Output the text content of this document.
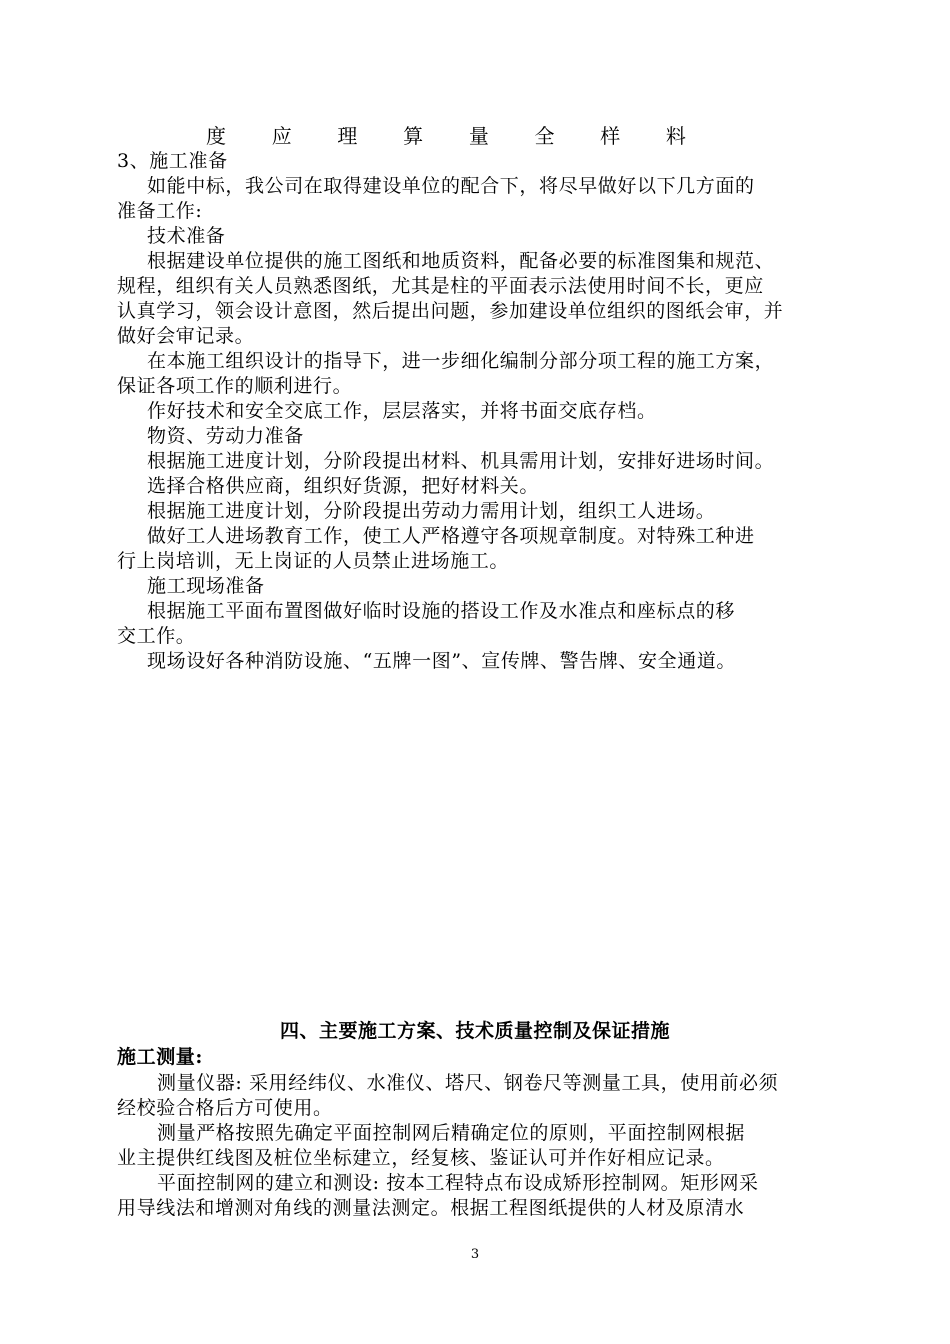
度 应 理 算 量 全 样 料
3、施工准备
如能中标，我公司在取得建设单位的配合下，将尽早做好以下几方面的
准备工作:
技术准备
根据建设单位提供的施工图纸和地质资料，配备必要的标准图集和规范、
规程，组织有关人员熟悉图纸，尤其是柱的平面表示法使用时间不长，更应
认真学习，领会设计意图，然后提出问题，参加建设单位组织的图纸会审，并
做好会审记录。
在本施工组织设计的指导下，进一步细化编制分部分项工程的施工方案，
保证各项工作的顺利进行。
作好技术和安全交底工作，层层落实，并将书面交底存档。
物资、劳动力准备
根据施工进度计划，分阶段提出材料、机具需用计划，安排好进场时间。
选择合格供应商，组织好货源，把好材料关。
根据施工进度计划，分阶段提出劳动力需用计划，组织工人进场。
做好工人进场教育工作，使工人严格遵守各项规章制度。对特殊工种进
行上岗培训，无上岗证的人员禁止进场施工。
施工现场准备
根据施工平面布置图做好临时设施的搭设工作及水准点和座标点的移
交工作。
现场设好各种消防设施、“五牌一图”、宣传牌、警告牌、安全通道。
四、主要施工方案、技术质量控制及保证措施
施工测量:
测量仪器: 采用经纬仪、水准仪、塔尺、钢卷尺等测量工具，使用前必须
经校验合格后方可使用。
测量严格按照先确定平面控制网后精确定位的原则，平面控制网根据
业主提供红线图及桩位坐标建立，经复核、鉴证认可并作好相应记录。
平面控制网的建立和测设: 按本工程特点布设成矫形控制网。矩形网采
用导线法和增测对角线的测量法测定。根据工程图纸提供的人材及原清水
3
